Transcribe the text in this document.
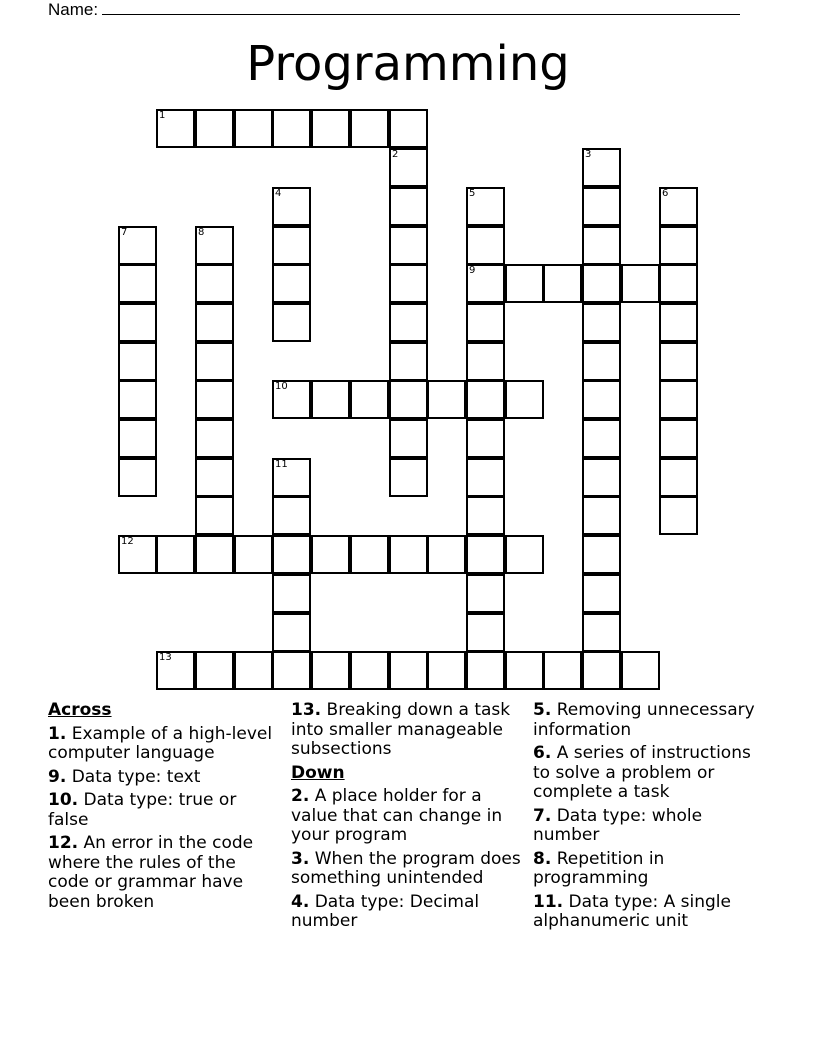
Name:
Programming
1
2	3
4	5
9
6
7	8
10
11
12
13
Across
1. Example of a high-level computer language
9. Data type: text
10. Data type: true or false
12. An error in the code where the rules of the code or grammar have been broken
13. Breaking down a task into smaller manageable subsections
Down
2. A place holder for a value that can change in your program
3. When the program does something unintended
4. Data type: Decimal number
5. Removing unnecessary information
6. A series of instructions to solve a problem or complete a task
7. Data type: whole number
8. Repetition in programming
11. Data type: A single alphanumeric unit
